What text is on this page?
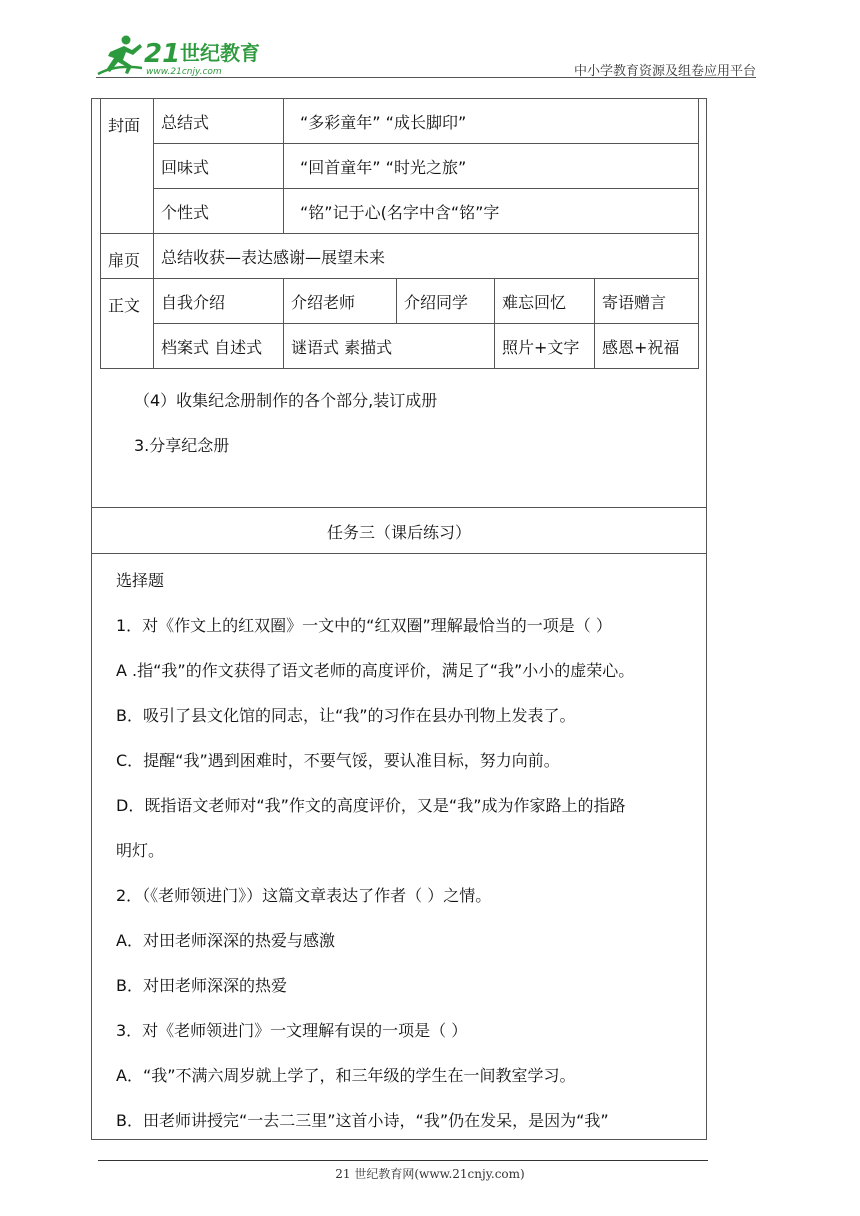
21 世纪教育
www.21cnjy.com	中小学教育资源及组卷应用平台
封面	总结式	“多彩童年” “成长脚印”			
	回味式	“回首童年” “时光之旅”			
	个性式	“铭”记于心(名字中含“铭”字			
扉页	总结收获—表达感谢—展望未来				
正文	自我介绍	介绍老师	介绍同学	难忘回忆	寄语赠言
	档案式 自述式	谜语式 素描式		照片+文字	感恩+祝福
（4）收集纪念册制作的各个部分,装订成册
3.分享纪念册
任务三（课后练习）
选择题
1．对《作文上的红双圈》一文中的“红双圈”理解最恰当的一项是（ ）
A .指“我”的作文获得了语文老师的高度评价，满足了“我”小小的虚荣心。
B．吸引了县文化馆的同志，让“我”的习作在县办刊物上发表了。
C．提醒“我”遇到困难时，不要气馁，要认准目标，努力向前。
D．既指语文老师对“我”作文的高度评价，又是“我”成为作家路上的指路
明灯。
2．（《老师领进门》）这篇文章表达了作者（ ）之情。
A．对田老师深深的热爱与感激
B．对田老师深深的热爱
3．对《老师领进门》一文理解有误的一项是（ ）
A．“我”不满六周岁就上学了，和三年级的学生在一间教室学习。
B．田老师讲授完“一去二三里”这首小诗，“我”仍在发呆，是因为“我”
21 世纪教育网(www.21cnjy.com)
